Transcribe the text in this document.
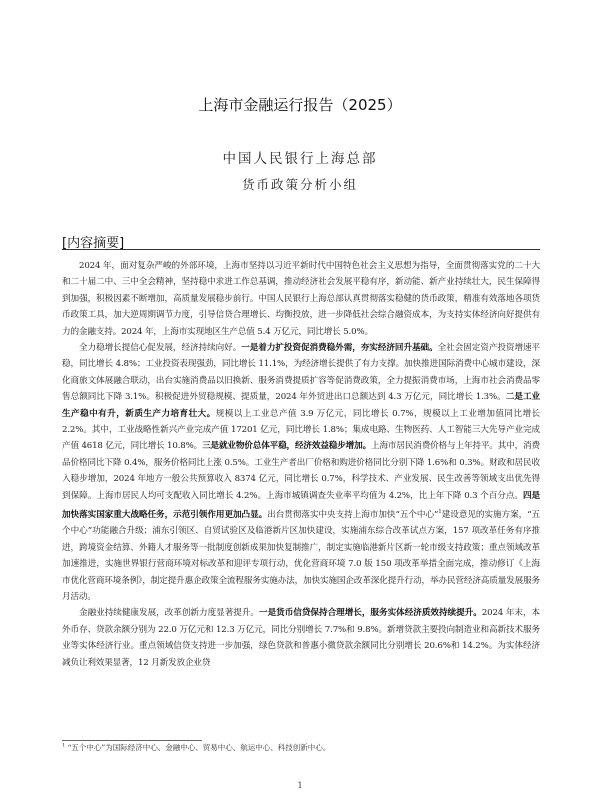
上海市金融运行报告（2025）
中国人民银行上海总部
货币政策分析小组
[内容摘要]

2024 年，面对复杂严峻的外部环境，上海市坚持以习近平新时代中国特色社会主义思想为指导，全面贯彻落实党的二十大和二十届二中、三中全会精神，坚持稳中求进工作总基调，推动经济社会发展平稳有序，新动能、新产业持续壮大，民生保障得到加强，积极因素不断增加，高质量发展稳步前行。中国人民银行上海总部认真贯彻落实稳健的货币政策，精准有效落地各项货币政策工具，加大逆周期调节力度，引导信贷合理增长、均衡投放，进一步降低社会综合融资成本，为支持实体经济向好提供有力的金融支持。2024 年，上海市实现地区生产总值 5.4 万亿元，同比增长 5.0%。

全力稳增长提信心促发展，经济持续向好。一是着力扩投资促消费稳外需，夯实经济回升基础。全社会固定资产投资增速平稳，同比增长 4.8%；工业投资表现强劲，同比增长 11.1%，为经济增长提供了有力支撑。加快推进国际消费中心城市建设，深化商旅文体展融合联动，出台实施消费品以旧换新、服务消费提质扩容等促消费政策，全力提振消费市场，上海市社会消费品零售总额同比下降 3.1%。积极促进外贸稳规模、提质量，2024 年外贸进出口总额达到 4.3 万亿元，同比增长 1.3%。二是工业生产稳中有升，新质生产力培育壮大。规模以上工业总产值 3.9 万亿元，同比增长 0.7%，规模以上工业增加值同比增长 2.2%。其中，工业战略性新兴产业完成产值 17201 亿元，同比增长 1.8%；集成电路、生物医药、人工智能三大先导产业完成产值 4618 亿元，同比增长 10.8%。三是就业物价总体平稳，经济效益稳步增加。上海市居民消费价格与上年持平。其中，消费品价格同比下降 0.4%，服务价格同比上涨 0.5%。工业生产者出厂价格和购进价格同比分别下降 1.6%和 0.3%。财政和居民收入稳步增加，2024 年地方一般公共预算收入 8374 亿元，同比增长 0.7%，科学技术、产业发展、民生改善等领域支出优先得到保障。上海市居民人均可支配收入同比增长 4.2%。上海市城镇调查失业率平均值为 4.2%，比上年下降 0.3 个百分点。四是加快落实国家重大战略任务，示范引领作用更加凸显。出台贯彻落实中央支持上海市加快“五个中心”$^1$建设意见的实施方案，“五个中心”功能融合升级；浦东引领区、自贸试验区及临港新片区加快建设，实施浦东综合改革试点方案，157 项改革任务有序推进，跨境资金结算、外籍人才服务等一批制度创新成果加快复制推广，制定实施临港新片区新一轮市级支持政策；重点领域改革加速推进，实施世界银行营商环境对标改革和迎评专项行动，优化营商环境 7.0 版 150 项改革举措全面完成，推动修订《上海市优化营商环境条例》，制定提升惠企政策全流程服务实施办法，加快实施国企改革深化提升行动，举办民营经济高质量发展服务月活动。

金融业持续健康发展，改革创新力度显著提升。一是货币信贷保持合理增长，服务实体经济质效持续提升。2024 年末，本外币存、贷款余额分别为 22.0 万亿元和 12.3 万亿元，同比分别增长 7.7%和 9.8%。新增贷款主要投向制造业和高新技术服务业等实体经济行业。重点领域信贷支持进一步加强，绿色贷款和普惠小微贷款余额同比分别增长 20.6%和 14.2%。为实体经济减负让利效果显著，12 月新发放企业贷

$^1$ “五个中心”为国际经济中心、金融中心、贸易中心、航运中心、科技创新中心。
1
